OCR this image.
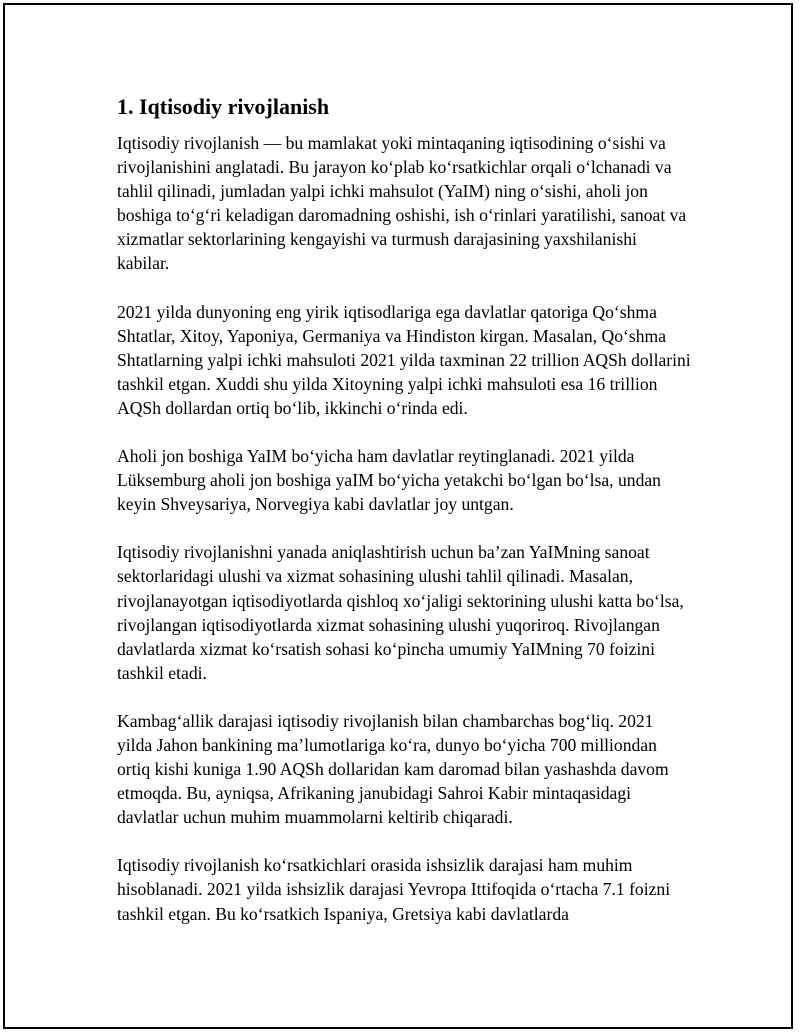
1. Iqtisodiy rivojlanish

Iqtisodiy rivojlanish — bu mamlakat yoki mintaqaning iqtisodining o‘sishi va rivojlanishini anglatadi. Bu jarayon ko‘plab ko‘rsatkichlar orqali o‘lchanadi va tahlil qilinadi, jumladan yalpi ichki mahsulot (YaIM) ning o‘sishi, aholi jon boshiga to‘g‘ri keladigan daromadning oshishi, ish o‘rinlari yaratilishi, sanoat va xizmatlar sektorlarining kengayishi va turmush darajasining yaxshilanishi kabilar.

2021 yilda dunyoning eng yirik iqtisodlariga ega davlatlar qatoriga Qo‘shma Shtatlar, Xitoy, Yaponiya, Germaniya va Hindiston kirgan. Masalan, Qo‘shma Shtatlarning yalpi ichki mahsuloti 2021 yilda taxminan 22 trillion AQSh dollarini tashkil etgan. Xuddi shu yilda Xitoyning yalpi ichki mahsuloti esa 16 trillion AQSh dollardan ortiq bo‘lib, ikkinchi o‘rinda edi.

Aholi jon boshiga YaIM bo‘yicha ham davlatlar reytinglanadi. 2021 yilda Lüksemburg aholi jon boshiga yaIM bo‘yicha yetakchi bo‘lgan bo‘lsa, undan keyin Shveysariya, Norvegiya kabi davlatlar joy untgan.

Iqtisodiy rivojlanishni yanada aniqlashtirish uchun ba’zan YaIMning sanoat sektorlaridagi ulushi va xizmat sohasining ulushi tahlil qilinadi. Masalan, rivojlanayotgan iqtisodiyotlarda qishloq xo‘jaligi sektorining ulushi katta bo‘lsa, rivojlangan iqtisodiyotlarda xizmat sohasining ulushi yuqoriroq. Rivojlangan davlatlarda xizmat ko‘rsatish sohasi ko‘pincha umumiy YaIMning 70 foizini tashkil etadi.

Kambag‘allik darajasi iqtisodiy rivojlanish bilan chambarchas bog‘liq. 2021 yilda Jahon bankining ma’lumotlariga ko‘ra, dunyo bo‘yicha 700 milliondan ortiq kishi kuniga 1.90 AQSh dollaridan kam daromad bilan yashashda davom etmoqda. Bu, ayniqsa, Afrikaning janubidagi Sahroi Kabir mintaqasidagi davlatlar uchun muhim muammolarni keltirib chiqaradi.

Iqtisodiy rivojlanish ko‘rsatkichlari orasida ishsizlik darajasi ham muhim hisoblanadi. 2021 yilda ishsizlik darajasi Yevropa Ittifoqida o‘rtacha 7.1 foizni tashkil etgan. Bu ko‘rsatkich Ispaniya, Gretsiya kabi davlatlarda
